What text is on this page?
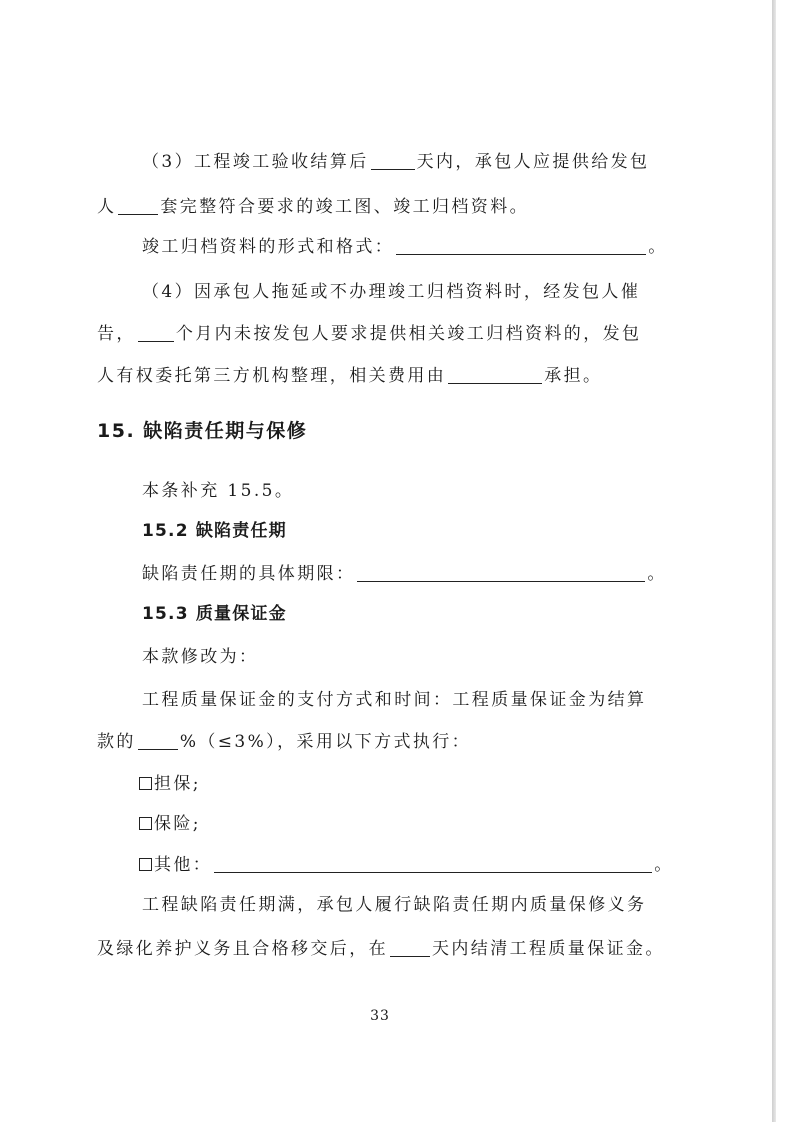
（3）工程竣工验收结算后	天内，承包人应提供给发包
人	套完整符合要求的竣工图、竣工归档资料。
竣工归档资料的形式和格式：	。
（4）因承包人拖延或不办理竣工归档资料时，经发包人催
告， 个月内未按发包人要求提供相关竣工归档资料的，发包
人有权委托第三方机构整理，相关费用由	承担。
15. 缺陷责任期与保修
本条补充 15.5。
15.2 缺陷责任期
缺陷责任期的具体期限：	。
15.3 质量保证金
本款修改为：
工程质量保证金的支付方式和时间：工程质量保证金为结算
款的	%（≤3%），采用以下方式执行：
担保;
保险;
其他：	。
工程缺陷责任期满，承包人履行缺陷责任期内质量保修义务
及绿化养护义务且合格移交后，在	天内结清工程质量保证金。
33
